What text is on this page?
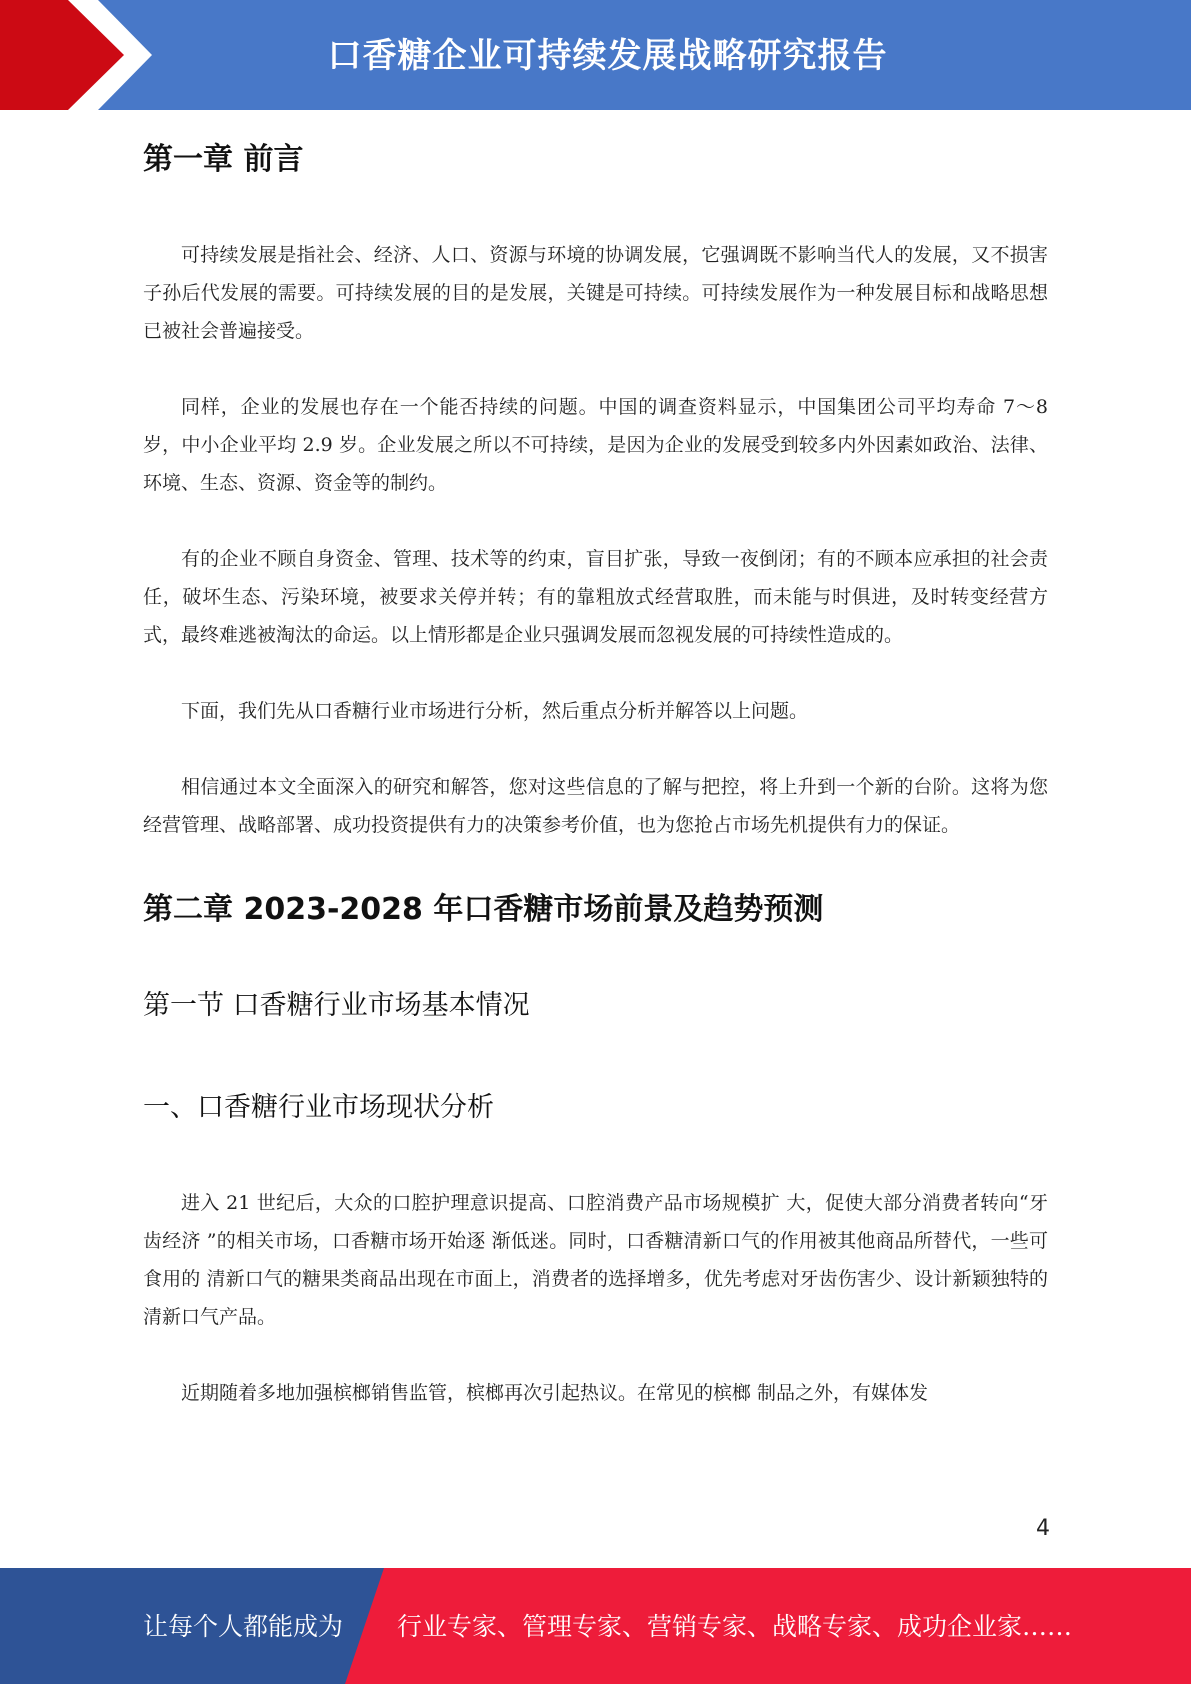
口香糖企业可持续发展战略研究报告
第一章 前言

可持续发展是指社会、经济、人口、资源与环境的协调发展，它强调既不影响当代人的发展，又不损害子孙后代发展的需要。可持续发展的目的是发展，关键是可持续。可持续发展作为一种发展目标和战略思想已被社会普遍接受。

同样，企业的发展也存在一个能否持续的问题。中国的调查资料显示，中国集团公司平均寿命 7～8 岁，中小企业平均 2.9 岁。企业发展之所以不可持续，是因为企业的发展受到较多内外因素如政治、法律、环境、生态、资源、资金等的制约。

有的企业不顾自身资金、管理、技术等的约束，盲目扩张，导致一夜倒闭；有的不顾本应承担的社会责任，破坏生态、污染环境，被要求关停并转；有的靠粗放式经营取胜，而未能与时俱进，及时转变经营方式，最终难逃被淘汰的命运。以上情形都是企业只强调发展而忽视发展的可持续性造成的。

下面，我们先从口香糖行业市场进行分析，然后重点分析并解答以上问题。

相信通过本文全面深入的研究和解答，您对这些信息的了解与把控，将上升到一个新的台阶。这将为您经营管理、战略部署、成功投资提供有力的决策参考价值，也为您抢占市场先机提供有力的保证。

第二章 2023-2028 年口香糖市场前景及趋势预测
第一节 口香糖行业市场基本情况
一、口香糖行业市场现状分析

进入 21 世纪后，大众的口腔护理意识提高、口腔消费产品市场规模扩 大，促使大部分消费者转向“牙齿经济 ”的相关市场，口香糖市场开始逐 渐低迷。同时，口香糖清新口气的作用被其他商品所替代，一些可食用的 清新口气的糖果类商品出现在市面上，消费者的选择增多，优先考虑对牙齿伤害少、设计新颖独特的清新口气产品。

近期随着多地加强槟榔销售监管，槟榔再次引起热议。在常见的槟榔 制品之外，有媒体发

4
让每个人都能成为 行业专家、管理专家、营销专家、战略专家、成功企业家……
